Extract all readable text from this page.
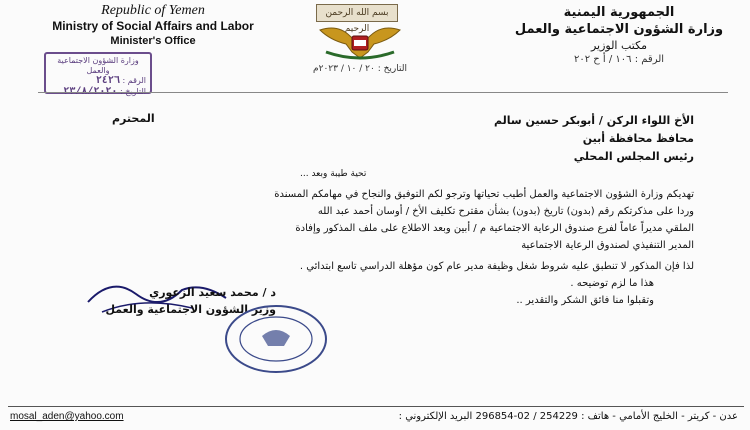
Republic of Yemen
Ministry of Social Affairs and Labor
Minister's Office
بسم الله الرحمن الرحيم
التاريخ : ٢٠ / ١٠ / ٢٠٢٣م
الجمهورية اليمنية
وزارة الشؤون الاجتماعية والعمل
مكتب الوزير
الرقم : ١٠٦ / أ ح ٢٠٢
وزارة الشؤون الاجتماعية والعمل
الرقم : ٢٤٢٦
التاريخ : ٢٣/٨/٢٠٢٠
المحترم	الأخ اللواء الركن / أبوبكر حسين سالم
محافظ محافظة أبين
رئيس المجلس المحلي
تهديكم وزارة الشؤون الاجتماعية والعمل أطيب تحياتها وترجو لكم التوفيق والنجاح في مهامكم المسندة
وردا على مذكرتكم رقم (بدون) تاريخ (بدون) بشأن مقترح تكليف الأخ / أوسان أحمد عبد الله
الملقي مديراً عاماً لفرع صندوق الرعاية الاجتماعية م / أبين وبعد الاطلاع على ملف المذكور وإفادة
المدير التنفيذي لصندوق الرعاية الاجتماعية
لذا فإن المذكور لا تنطبق عليه شروط شغل وظيفة مدير عام كون مؤهلة الدراسي تاسع ابتدائي .
هذا ما لزم توضيحه .
وتقبلوا منا فائق الشكر والتقدير ..
تحية طيبة وبعد ...
د / محمد سعيد الزعوري
وزير الشؤون الاجتماعية والعمل
mosal_aden@yahoo.com	عدن - كريتر - الخليج الأمامي - هاتف : 254229 / 02-296854 البريد الإلكتروني :
